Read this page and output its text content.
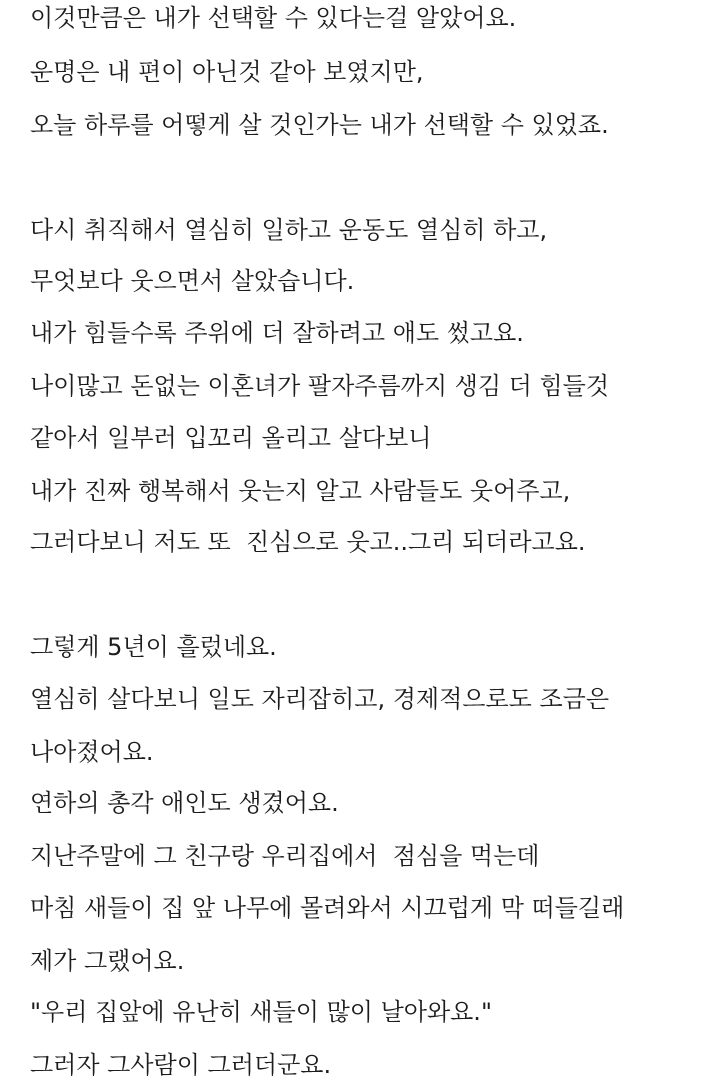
이것만큼은 내가 선택할 수 있다는걸 알았어요.
운명은 내 편이 아닌것 같아 보였지만,
오늘 하루를 어떻게 살 것인가는 내가 선택할 수 있었죠.
다시 취직해서 열심히 일하고 운동도 열심히 하고,
무엇보다 웃으면서 살았습니다.
내가 힘들수록 주위에 더 잘하려고 애도 썼고요.
나이많고 돈없는 이혼녀가 팔자주름까지 생김 더 힘들것
같아서 일부러 입꼬리 올리고 살다보니
내가 진짜 행복해서 웃는지 알고 사람들도 웃어주고,
그러다보니 저도 또  진심으로 웃고..그리 되더라고요.
그렇게 5년이 흘렀네요.
열심히 살다보니 일도 자리잡히고, 경제적으로도 조금은
나아졌어요.
연하의 총각 애인도 생겼어요.
지난주말에 그 친구랑 우리집에서  점심을 먹는데
마침 새들이 집 앞 나무에 몰려와서 시끄럽게 막 떠들길래
제가 그랬어요.
"우리 집앞에 유난히 새들이 많이 날아와요."
그러자 그사람이 그러더군요.
